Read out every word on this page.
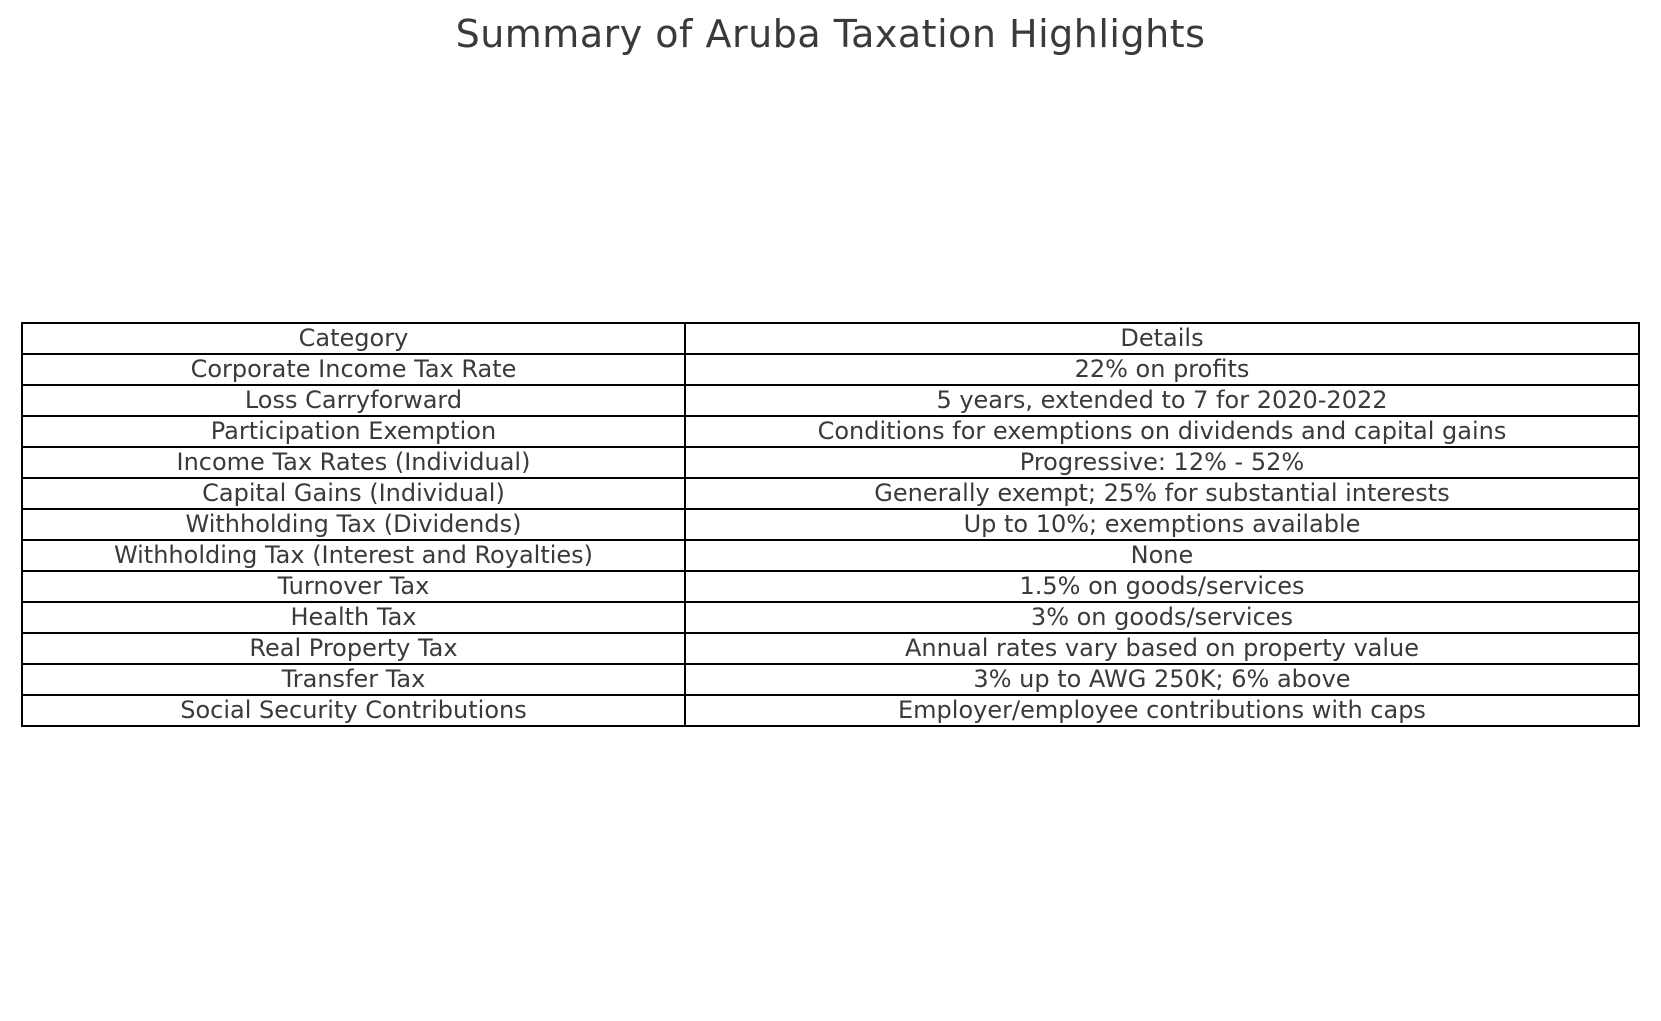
Summary of Aruba Taxation Highlights
Category	Details
Corporate Income Tax Rate	22% on profits
Loss Carryforward	5 years, extended to 7 for 2020-2022
Participation Exemption	Conditions for exemptions on dividends and capital gains
Income Tax Rates (Individual)	Progressive: 12% - 52%
Capital Gains (Individual)	Generally exempt; 25% for substantial interests
Withholding Tax (Dividends)	Up to 10%; exemptions available
Withholding Tax (Interest and Royalties)	None
Turnover Tax	1.5% on goods/services
Health Tax	3% on goods/services
Real Property Tax	Annual rates vary based on property value
Transfer Tax	3% up to AWG 250K; 6% above
Social Security Contributions	Employer/employee contributions with caps
